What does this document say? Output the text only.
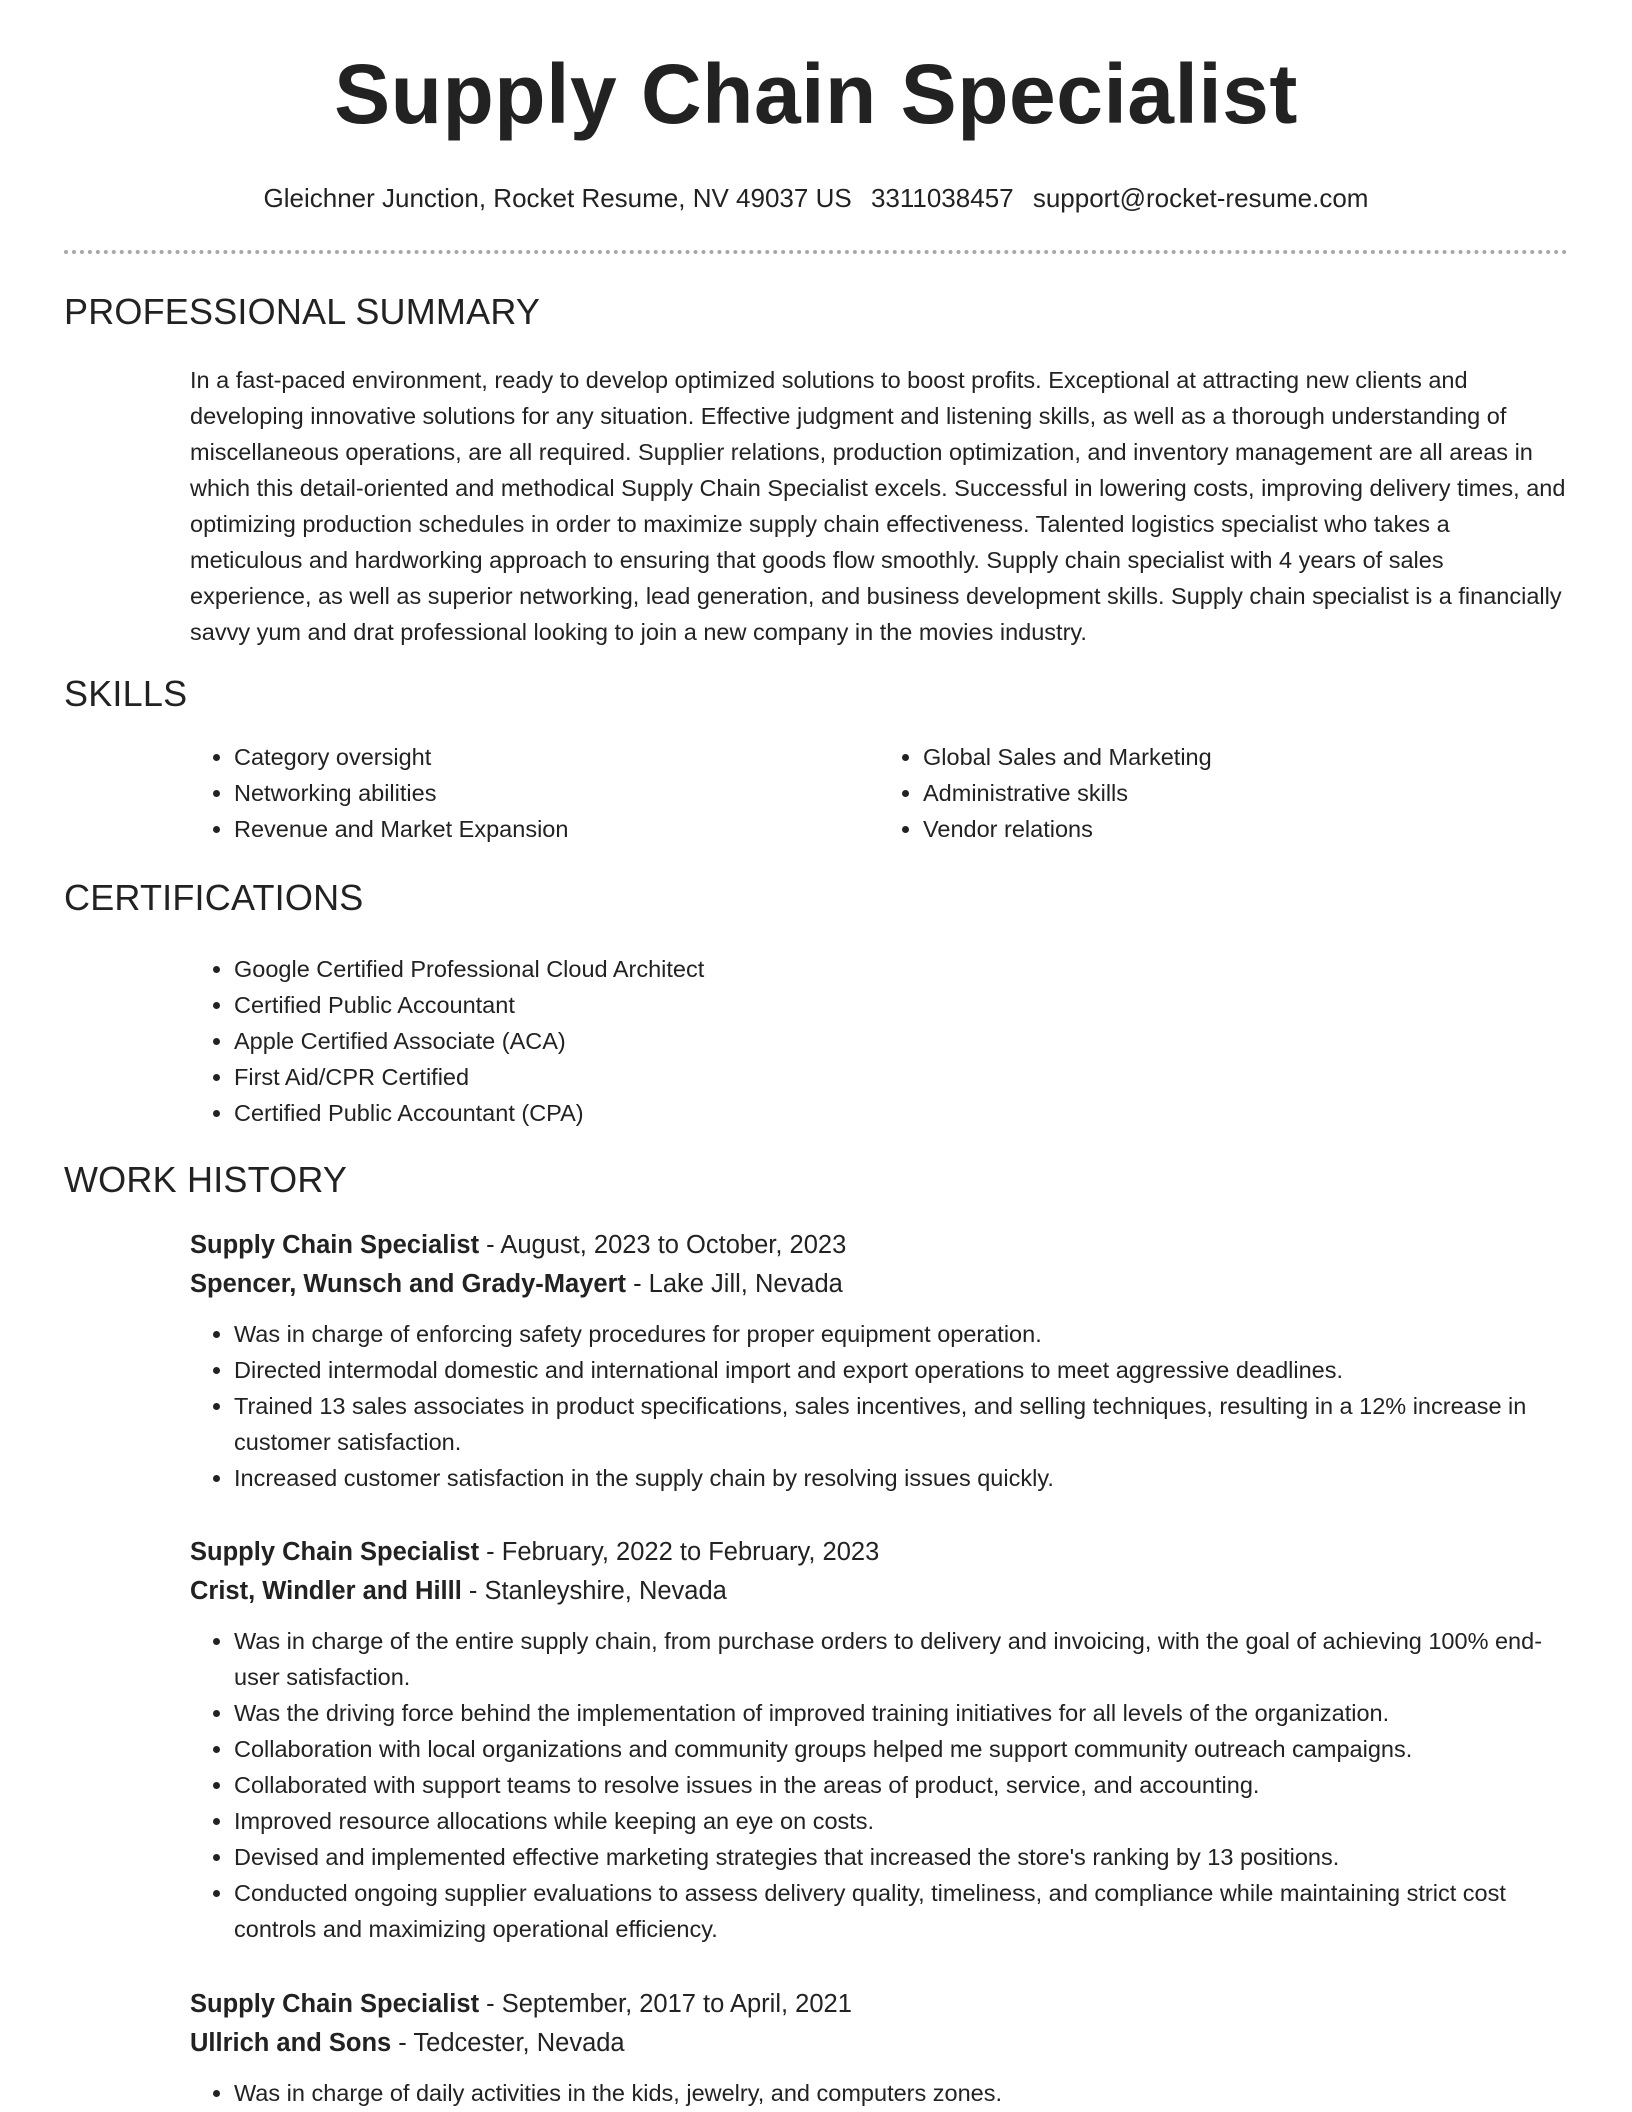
Supply Chain Specialist
Gleichner Junction, Rocket Resume, NV 49037 US 3311038457 support@rocket-resume.com
PROFESSIONAL SUMMARY

In a fast-paced environment, ready to develop optimized solutions to boost profits. Exceptional at attracting new clients and developing innovative solutions for any situation. Effective judgment and listening skills, as well as a thorough understanding of miscellaneous operations, are all required. Supplier relations, production optimization, and inventory management are all areas in which this detail-oriented and methodical Supply Chain Specialist excels. Successful in lowering costs, improving delivery times, and optimizing production schedules in order to maximize supply chain effectiveness. Talented logistics specialist who takes a meticulous and hardworking approach to ensuring that goods flow smoothly. Supply chain specialist with 4 years of sales experience, as well as superior networking, lead generation, and business development skills. Supply chain specialist is a financially savvy yum and drat professional looking to join a new company in the movies industry.

SKILLS
• Category oversight
• Networking abilities
• Revenue and Market Expansion
• Global Sales and Marketing
• Administrative skills
• Vendor relations
CERTIFICATIONS
• Google Certified Professional Cloud Architect
• Certified Public Accountant
• Apple Certified Associate (ACA)
• First Aid/CPR Certified
• Certified Public Accountant (CPA)
WORK HISTORY
Supply Chain Specialist - August, 2023 to October, 2023
Spencer, Wunsch and Grady-Mayert - Lake Jill, Nevada
• Was in charge of enforcing safety procedures for proper equipment operation.
• Directed intermodal domestic and international import and export operations to meet aggressive deadlines.
• Trained 13 sales associates in product specifications, sales incentives, and selling techniques, resulting in a 12% increase in customer satisfaction.
• Increased customer satisfaction in the supply chain by resolving issues quickly.
Supply Chain Specialist - February, 2022 to February, 2023
Crist, Windler and Hilll - Stanleyshire, Nevada
• Was in charge of the entire supply chain, from purchase orders to delivery and invoicing, with the goal of achieving 100% end-user satisfaction.
• Was the driving force behind the implementation of improved training initiatives for all levels of the organization.
• Collaboration with local organizations and community groups helped me support community outreach campaigns.
• Collaborated with support teams to resolve issues in the areas of product, service, and accounting.
• Improved resource allocations while keeping an eye on costs.
• Devised and implemented effective marketing strategies that increased the store's ranking by 13 positions.
• Conducted ongoing supplier evaluations to assess delivery quality, timeliness, and compliance while maintaining strict cost controls and maximizing operational efficiency.
Supply Chain Specialist - September, 2017 to April, 2021
Ullrich and Sons - Tedcester, Nevada
• Was in charge of daily activities in the kids, jewelry, and computers zones.
